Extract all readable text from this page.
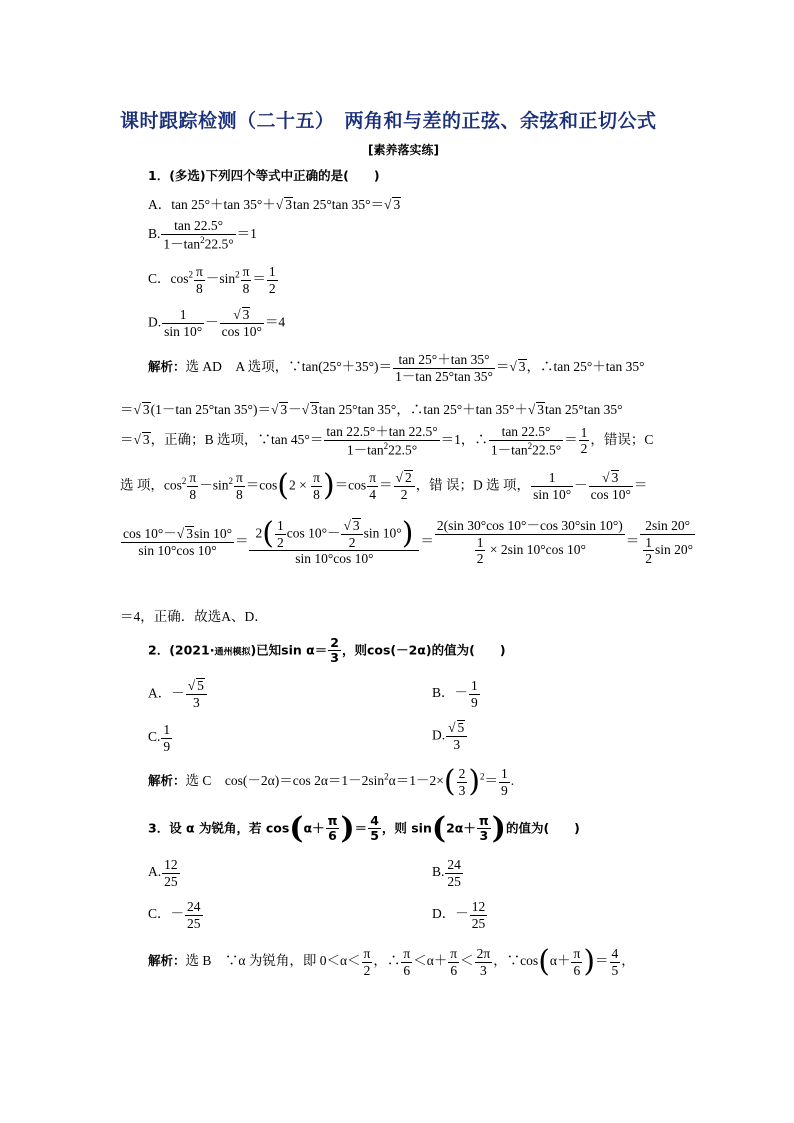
课时跟踪检测（二十五）　两角和与差的正弦、余弦和正切公式
[素养落实练]
1．(多选)下列四个等式中正确的是(　　)
A．tan 25°＋tan 35°＋√ 3tan 25°tan 35°＝√ 3
B. $\frac{\tan 22.5^\circ}{1-\tan^222.5^\circ} =1$
C．$\cos^2 \frac{\pi}{8} -\sin^2 \frac{\pi}{8} = \frac{1}{2}$
D. $\frac{1}{\sin 10^\circ}$ －
√ $\frac{3}{\cos 10^\circ} =4$
解析：选 AD　A 选项，∵tan(25°＋35°)＝ $\frac{\tan 25^\circ+\tan 35^\circ}{1-\tan 25^\circ\tan 35^\circ}$ ＝√ 3，∴tan 25°＋tan 35°
＝√ 3(1－tan 25°tan 35°)＝√ 3－√ 3tan 25°tan 35°，∴tan 25°＋tan 35°＋√ 3tan 25°tan 35°
＝√ 3，正确；B 选项，∵tan $45^\circ= \frac{\tan 22.5^\circ+\tan 22.5^\circ}{1-\tan^222.5^\circ} =1$，∴ $\frac{\tan 22.5^\circ}{1-\tan^222.5^\circ} = \frac{1}{2}$ ，错误；C
选 项，$\cos^2 \frac{\pi}{8} -\sin^2 \frac{\pi}{8} =\cos(2 \times \frac{\pi}{8} )=\cos \frac{\pi}{4}$ ＝
√ $\frac{2}{2}$ ，错 误；D 选 项， $\frac{1}{\sin 10^\circ}$ －
√ $\frac{3}{\cos 10^\circ}$ ＝
$\frac{\cos 10^\circ-√ 3\sin 10^\circ}{\sin 10^\circ\cos 10^\circ} = 2( \frac{1}{2}$ cos 10°－
√ $\frac{3}{2}$ sin 10°)
sin 10°cos $10^\circ = \frac{2(\sin 30^\circ\cos 10^\circ-\cos 30^\circ\sin 10^\circ)}{\frac{1}{2} \times 2\sin 10^\circ\cos 10^\circ} = \frac{2\sin 20^\circ}{\frac{1}{2} \sin 20^\circ}$
＝4，正确．故选A、D．
2．(2021·通州模拟)已知$\sin \alpha= \frac{2}{3}$ ，则cos(－2α)的值为(　　)
A．－
√ $\frac{5}{3}$	B．－ $\frac{1}{9}$
C. $\frac{1}{9}$	D.
√ $\frac{5}{3}$
解析：选 C　cos(－2α)＝cos $2\alpha=1-2\sin^2\alpha=1-2\times( \frac{2}{3} )^2= \frac{1}{9}$ .
3．设 α 为锐角，若 $\cos(\alpha+ \frac{\pi}{6}$ )＝ $\frac{4}{5}$ ，则 $\sin(2\alpha+ \frac{\pi}{3}$ )的值为(　　)
A. $\frac{12}{25}$	B. $\frac{24}{25}$
C．－ $\frac{24}{25}$	D．－ $\frac{12}{25}$
解析：选 B　∵α 为锐角，即 $0<\alpha< \frac{\pi}{2}$ ，∴ $\frac{\pi}{6} <\alpha+ \frac{\pi}{6} < \frac{2\pi}{3}$ ，∵cos(α＋ $\frac{\pi}{6}$ )＝ $\frac{4}{5}$ ，
